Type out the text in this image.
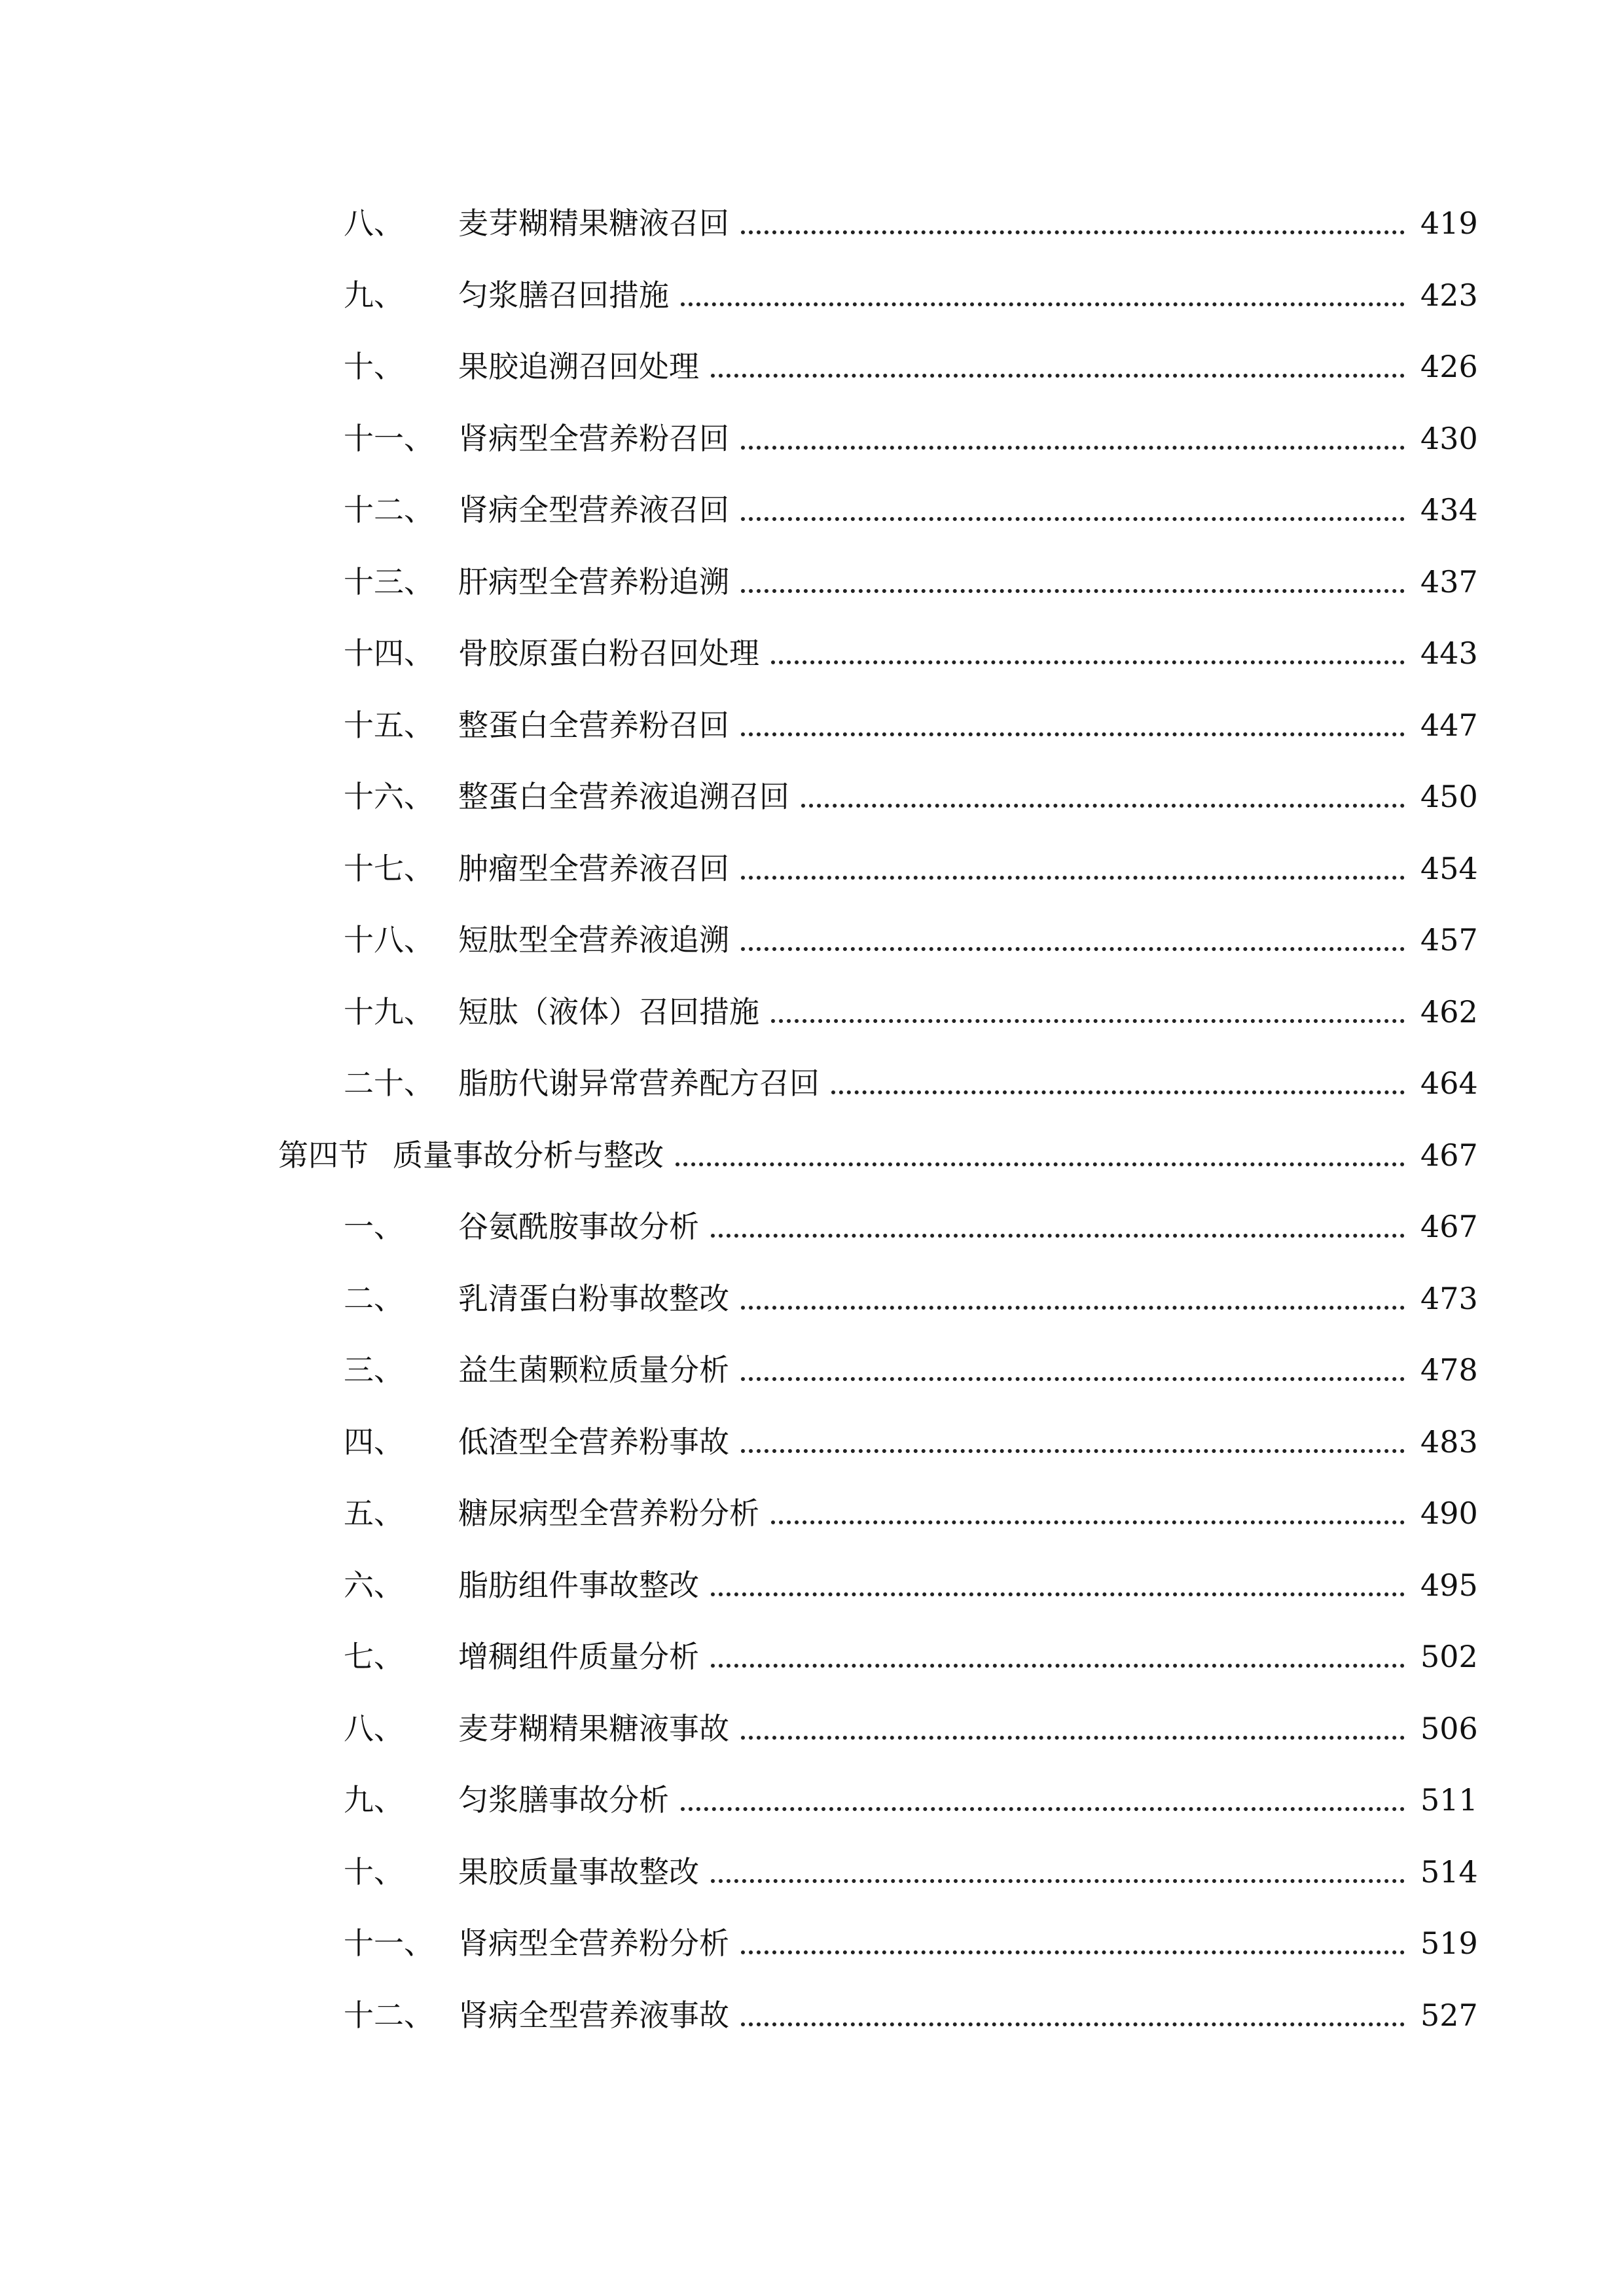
八、	麦芽糊精果糖液召回	419
九、	匀浆膳召回措施	423
十、	果胶追溯召回处理	426
十一、 肾病型全营养粉召回	430
十二、 肾病全型营养液召回	434
十三、 肝病型全营养粉追溯	437
十四、 骨胶原蛋白粉召回处理	443
十五、 整蛋白全营养粉召回	447
十六、 整蛋白全营养液追溯召回	450
十七、 肿瘤型全营养液召回	454
十八、 短肽型全营养液追溯	457
十九、 短肽（液体）召回措施	462
二十、 脂肪代谢异常营养配方召回	464
第四节 质量事故分析与整改	467
一、	谷氨酰胺事故分析	467
二、	乳清蛋白粉事故整改	473
三、	益生菌颗粒质量分析	478
四、	低渣型全营养粉事故	483
五、	糖尿病型全营养粉分析	490
六、	脂肪组件事故整改	495
七、	增稠组件质量分析	502
八、	麦芽糊精果糖液事故	506
九、	匀浆膳事故分析	511
十、	果胶质量事故整改	514
十一、 肾病型全营养粉分析	519
十二、 肾病全型营养液事故	527
